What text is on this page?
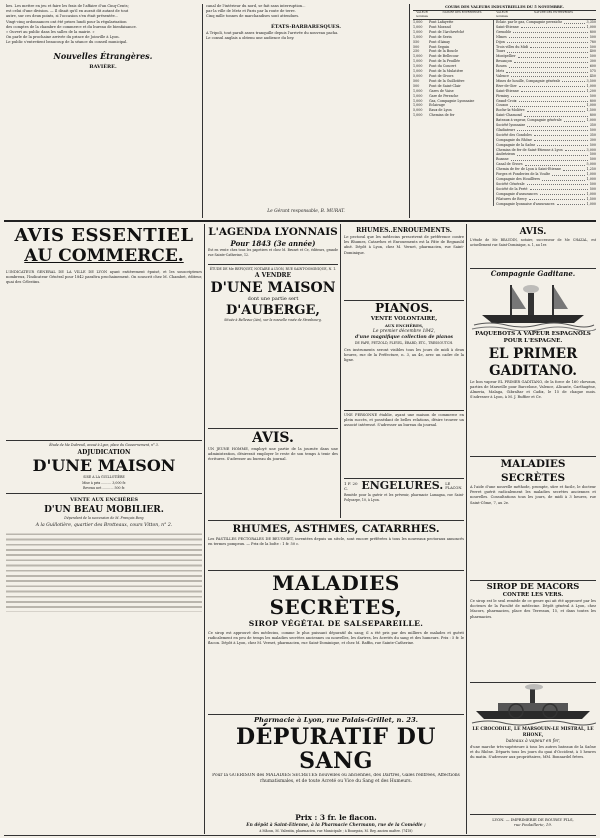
bes. Les mettre en jeu et faire les frais de l'affaire d'un Cinq-Cents;
est celui d'une division. — Il disait qu'il en aurait dit autant de tout
autre, sur ces deux points, si l'occasion s'en était présentée...
Vingt-cinq ordonnances ont été prises lundi pour la régularisation
des comptes de la chambre de commerce et du bureau de bienfaisance.
« Ouvert au public dans les salles de la mairie. »
On parle de la prochaine arrivée du prince de Joinville à Lyon.
Le public s'entretient beaucoup de la séance du conseil municipal.
Nouvelles Étrangères.
BAVIÈRE.
canal de l'intérieur du nord, se fait sans interruption...
par la ville de Metz et Paris par la route de terre.
Cinq mille tonnes de marchandises sont attendues.
ÉTATS-BARBARESQUES.
A Tripoli, tout paraît assez tranquille depuis l'arrivée du nouveau pacha.
Le consul anglais a obtenu une audience du bey.
Le Gérant responsable, B. MURAT.
COURS DES VALEURS INDUSTRIELLES DU 5 NOVEMBRE.
VALEUR nominale
NATURE DES ENTREPRISES	VALEUR nominale
NATURE DES ENTREPRISES
1,000	Pont Lafayette
1,000	Pont Morand
1,000	Pont de l'Archevêché
1,000	Pont de Serin
550	Pont d'Ainay
500	Pont Seguin
250	Pont de la Boucle
1,000	Pont de Bellecour
1,000	Pont de la Feuillée
1,000	Pont du Concert
1,000	Pont de la Mulatière
5,000	Pont de Givors
500	Pont de la Guillotière
500	Pont de Saint-Clair
1,000	Gares de Vaise
1,000	Gare de Perrache
1,000	Gaz, Compagnie Lyonnaise
1,000	Eclairage
5,000	Eaux de Lyon
1,000	Chemins de fer
Eclair. par le gaz, Compagnie perraiche	3,350
Saint-Etienne	1,000
Grenoble	800
Nîmes	500
Dijon	780
Trois villes du Midi	500
Tours	400
Montpellier	500
Besançon	300
Rouen	600
Metz	575
Valence	450
Mines de houille, Compagnie générale	3,500
Rive-de-Gier	1,000
Saint-Etienne	1,200
Firminy	500
Grand-Croix	800
Couzon	1,000
Roche-la-Molière	1,500
Saint-Chamond	800
Bateaux à vapeur, Compagnie générale	1,000
Société lyonnaise	350
Gladiateurs	500
Société des Gondoles	350
Compagnie du Rhône	300
Compagnie de la Saône	500
Chemins de fer de Saint-Etienne à Lyon	3,000
Andrézieux	500
Roanne	500
Canal de Givors	5,000
Chemin de fer de Lyon à Saint-Etienne	1,250
Forges et Fonderies de la Voulte	1,000
Compagnie des Houillères	1,000
Société Générale	500
Société de la Ferté	500
Compagnie d'assurances	1,000
Filatures de Bercy	1,500
Compagnie lyonnaise d'assurances	1,000
AVIS ESSENTIEL
AU COMMERCE.
L'INDICATEUR GÉNÉRAL DE LA VILLE DE LYON ayant entièrement épuisé, et les souscripteurs nombreux, l'Indicateur Général pour 1842 paraîtra prochainement. On souscrit chez M. Chambet, éditeur, quai des Célestins.
Étude de Me Dubreuil, avoué à Lyon, place du Gouvernement, n° 3.
ADJUDICATION
D'UNE MAISON
SISE A LA GUILLOTIÈRE
Mise à prix .......... 3,000 fr.
Revenu net ........... 500 fr.
VENTE AUX ENCHÈRES
D'UN BEAU MOBILIER.
Dépendant de la succession de M. Français Bony
A la Guillotière, quartier des Brotteaux, cours Vitton, n° 2.
L'AGENDA LYONNAIS
Pour 1843 (3e année)
Est en vente chez tous les papetiers et chez M. Brunet et Ce, éditeurs, grande rue Sainte-Catherine, 12.
ÉTUDE DE Me REPIQUET, NOTAIRE A LYON, RUE SAINT-DOMINIQUE, N. 1.
A VENDRE
D'UNE MAISON
dont une partie sert
D'AUBERGE,
Située à Bellevue (Ain), sur la nouvelle route de Strasbourg.
AVIS.
UN JEUNE HOMME, employé une partie de la journée dans une administration, désirerait employer le reste de son temps à tenir des écritures. S'adresser au bureau du journal.
RHUMES..ENROUEMENTS.
Le pectoral que les médecins prescrivent de préférence contre les Rhumes, Catarrhes et Enrouements est la Pâte de Regnauld aîné. Dépôt à Lyon, chez M. Vernet, pharmacien, rue Saint-Dominique.
PIANOS.
VENTE VOLONTAIRE,
AUX ENCHÈRES,
Le premier décembre 1842,
d'une magnifique collection de pianos
DE PAPE, PETZOLD, PLEYEL, ÉRARD, ETC., TRESSOUTCH.
Ces instruments seront visibles tous les jours de midi à deux heures, rue de la Préfecture, n. 3, au 4e, avec un cadre de la ligne.
UNE PERSONNE établie, ayant une maison de commerce en plein succès, et possédant de belles relations, désire trouver un associé intéressé. S'adresser au bureau du journal.
1 F. 20 C.	ENGELURES. LE FLACON.
Remède pour la guérir et les prévenir, pharmacie Lamagna, rue Saint-Polycarpe, 10, à Lyon.
RHUMES, ASTHMES, CATARRHES.
Les PASTILLES PECTORALES DE BEUGNIET, inventées depuis un siècle, sont encore préférées à tous les nouveaux pectoraux annoncés en termes pompeux. — Prix de la boîte : 1 fr. 50 c.
MALADIES SECRÈTES,
SIROP VÉGÉTAL DE SALSEPAREILLE.
Ce sirop est approuvé des médecins, comme le plus puissant dépuratif du sang; il a été pris par des milliers de malades et guérit radicalement en peu de temps les maladies secrètes anciennes ou nouvelles, les dartres, les âcretés du sang et des humeurs. Prix : 5 fr. le flacon. Dépôt à Lyon, chez M. Vernet, pharmacien, rue Saint-Dominique, et chez M. Raffin, rue Sainte-Catherine.
Pharmacie à Lyon, rue Palais-Grillet, n. 23.
DÉPURATIF DU SANG
Pour la GUÉRISON des MALADIES SECRÈTES nouvelles ou anciennes, des Dartres, Gales rentrées, Affections rhumatismales, et de toute Acreté ou Vice du Sang et des Humeurs.
Prix : 3 fr. le flacon.
En dépôt à Saint-Etienne, à la Pharmacie Chermann, rue de la Comédie ;
à Mâcon, M. Valentin, pharmacien, rue Municipale ; à Bourgoin, M. Rey, ancien maître. (7418)
AVIS.
L'étude de Me BEAUDIN, notaire, successeur de Me CHAZAL, est actuellement rue Saint-Dominique, n. 1, au 1er.
Compagnie Gaditane.
PAQUEBOTS A VAPEUR ESPAGNOLS POUR L'ESPAGNE.
EL PRIMER GADITANO.
Le bon vapeur EL PRIMER GADITANO, de la force de 160 chevaux, partira de Marseille pour Barcelone, Valence, Alicante, Carthagène, Almeria, Malaga, Gibraltar et Cadix, le 15 de chaque mois. S'adresser à Lyon, à M. J. Ruffier et Ce.
MALADIES SECRÈTES
A l'aide d'une nouvelle méthode, prompte, sûre et facile, le docteur Perret guérit radicalement les maladies secrètes anciennes et nouvelles. Consultations tous les jours, de midi à 3 heures, rue Saint-Côme, 7, au 2e.
SIROP DE MACORS
CONTRE LES VERS.
Ce sirop est le seul remède de ce genre qui ait été approuvé par les docteurs de la Faculté de médecine. Dépôt général à Lyon, chez Macors, pharmacien, place des Terreaux, 15, et dans toutes les pharmacies.
LE CROCODILE, LE MARSOUIN-LE MISTRAL, LE RHONE,
bateaux à vapeur en fer,
d'une marche très-supérieure à tous les autres bateaux de la Saône et du Rhône. Départs tous les jours du quai d'Occident, à 5 heures du matin. S'adresser aux propriétaires, MM. Bonnardel frères.
LYON. — IMPRIMERIE DE BOURSY FILS,
rue Poulaillerie, 19.
